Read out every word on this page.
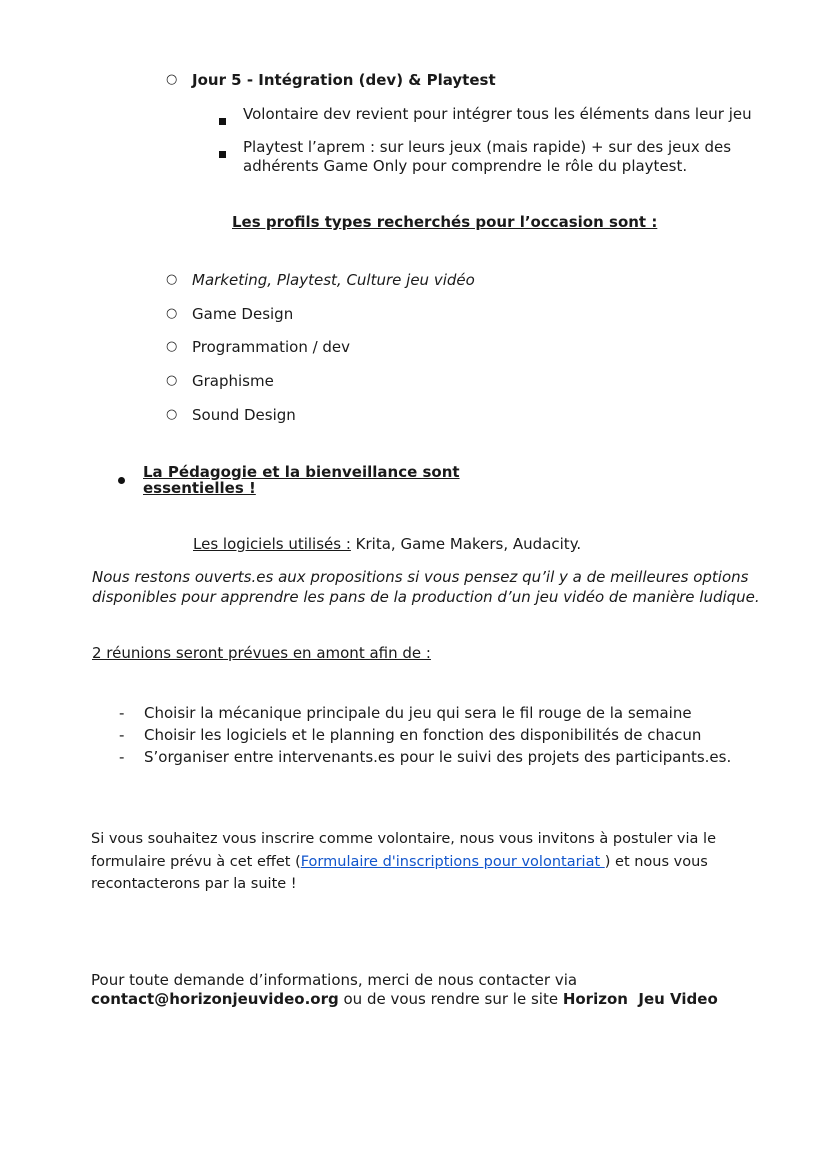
○ Jour 5 - Intégration (dev) & Playtest
Volontaire dev revient pour intégrer tous les éléments dans leur jeu
Playtest l’aprem : sur leurs jeux (mais rapide) + sur des jeux des
adhérents Game Only pour comprendre le rôle du playtest.
Les profils types recherchés pour l’occasion sont :
○ Marketing, Playtest, Culture jeu vidéo
○ Game Design
○ Programmation / dev
○ Graphisme
○ Sound Design
La Pédagogie et la bienveillance sont
essentielles !
Les logiciels utilisés : Krita, Game Makers, Audacity.
Nous restons ouverts.es aux propositions si vous pensez qu’il y a de meilleures options
disponibles pour apprendre les pans de la production d’un jeu vidéo de manière ludique.
2 réunions seront prévues en amont afin de :
- Choisir la mécanique principale du jeu qui sera le fil rouge de la semaine
- Choisir les logiciels et le planning en fonction des disponibilités de chacun
- S’organiser entre intervenants.es pour le suivi des projets des participants.es.
Si vous souhaitez vous inscrire comme volontaire, nous vous invitons à postuler via le
formulaire prévu à cet effet (Formulaire d'inscriptions pour volontariat ) et nous vous
recontacterons par la suite !
Pour toute demande d’informations, merci de nous contacter via
contact@horizonjeuvideo.org ou de vous rendre sur le site Horizon  Jeu Video
